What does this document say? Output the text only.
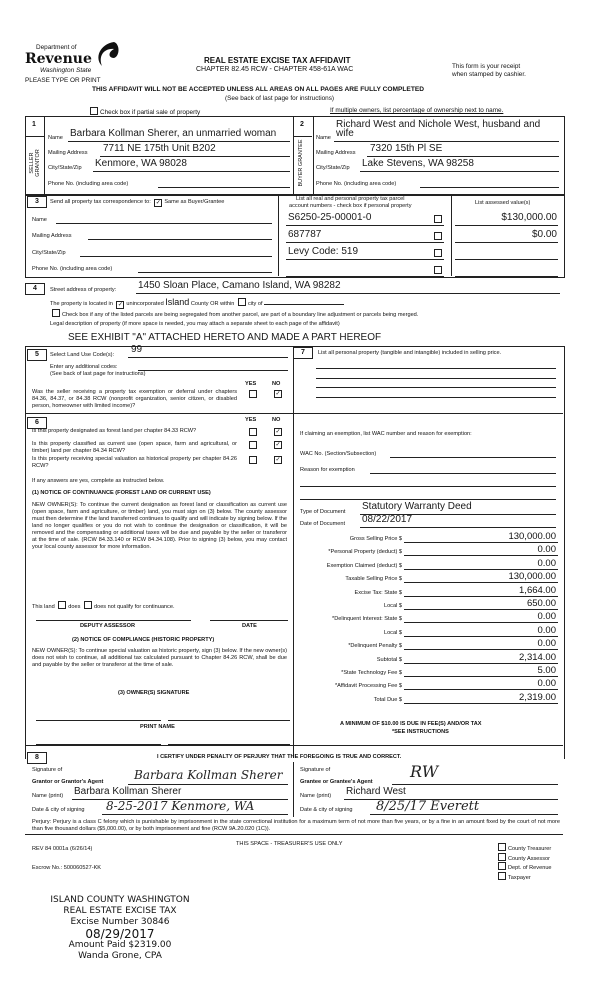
Department of
Revenue
Washington State
PLEASE TYPE OR PRINT
REAL ESTATE EXCISE TAX AFFIDAVIT
CHAPTER 82.45 RCW - CHAPTER 458-61A WAC	This form is your receipt
when stamped by cashier.
THIS AFFIDAVIT WILL NOT BE ACCEPTED UNLESS ALL AREAS ON ALL PAGES ARE FULLY COMPLETED
(See back of last page for instructions)
Check box if partial sale of property	If multiple owners, list percentage of ownership next to name.
1	2
SELLER GRANTOR	BUYER GRANTEE
Name Barbara Kollman Sherer, an unmarried woman
Mailing Address 7711 NE 175th Unit B202
City/State/Zip Kenmore, WA 98028
Phone No. (including area code)
Richard West and Nichole West, husband and
Name wife
Mailing Address 7320 15th Pl SE
City/State/Zip Lake Stevens, WA 98258
Phone No. (including area code)
3	Send all property tax correspondence to: ✓ Same as Buyer/Grantee
Name
Mailing Address
City/State/Zip
Phone No. (including area code)
List all real and personal property tax parcel
account numbers - check box if personal property	List assessed value(s)
S6250-25-00001-0	$130,000.00
687787	$0.00
Levy Code: 519
4	Street address of property: 1450 Sloan Place, Camano Island, WA 98282
The property is located in ✓ unincorporated Island County OR within city of
Check box if any of the listed parcels are being segregated from another parcel, are part of a boundary line adjustment or parcels being merged.
Legal description of property (if more space is needed, you may attach a separate sheet to each page of the affidavit)
SEE EXHIBIT "A" ATTACHED HERETO AND MADE A PART HEREOF
5	Select Land Use Code(s): 99
Enter any additional codes:
(See back of last page for instructions)
YES	NO
Was the seller receiving a property tax exemption or deferral under chapters 84.36, 84.37, or 84.38 RCW (nonprofit organization, senior citizen, or disabled person, homeowner with limited income)?
✓
6	YES	NO
Is this property designated as forest land per chapter 84.33 RCW?	✓
Is this property classified as current use (open space, farm and agricultural, or timber) land per chapter 84.34 RCW?
✓
Is this property receiving special valuation as historical property per chapter 84.26 RCW?
✓
If any answers are yes, complete as instructed below.
(1) NOTICE OF CONTINUANCE (FOREST LAND OR CURRENT USE)
NEW OWNER(S): To continue the current designation as forest land or classification as current use (open space, farm and agriculture, or timber) land, you must sign on (3) below. The county assessor must then determine if the land transferred continues to qualify and will indicate by signing below. If the land no longer qualifies or you do not wish to continue the designation or classification, it will be removed and the compensating or additional taxes will be due and payable by the seller or transferor at the time of sale. (RCW 84.33.140 or RCW 84.34.108). Prior to signing (3) below, you may contact your local county assessor for more information.
This land does does not qualify for continuance.
DEPUTY ASSESSOR	DATE
(2) NOTICE OF COMPLIANCE (HISTORIC PROPERTY)
NEW OWNER(S): To continue special valuation as historic property, sign (3) below. If the new owner(s) does not wish to continue, all additional tax calculated pursuant to Chapter 84.26 RCW, shall be due and payable by the seller or transferor at the time of sale.
(3) OWNER(S) SIGNATURE
PRINT NAME
7	List all personal property (tangible and intangible) included in selling price.
If claiming an exemption, list WAC number and reason for exemption:
WAC No. (Section/Subsection)
Reason for exemption
Type of Document Statutory Warranty Deed
Date of Document 08/22/2017
Gross Selling Price $	130,000.00
*Personal Property (deduct) $	0.00
Exemption Claimed (deduct) $	0.00
Taxable Selling Price $	130,000.00
Excise Tax: State $	1,664.00
Local $	650.00
*Delinquent Interest: State $	0.00
Local $	0.00
*Delinquent Penalty $	0.00
Subtotal $	2,314.00
*State Technology Fee $	5.00
*Affidavit Processing Fee $	0.00
Total Due $	2,319.00
A MINIMUM OF $10.00 IS DUE IN FEE(S) AND/OR TAX
*SEE INSTRUCTIONS
8	I CERTIFY UNDER PENALTY OF PERJURY THAT THE FOREGOING IS TRUE AND CORRECT.
Signature of
Grantor or Grantor's Agent	Barbara Kollman Sherer
Name (print) Barbara Kollman Sherer
Date & city of signing 8-25-2017 Kenmore, WA
Signature of
Grantee or Grantee's Agent
RW
Name (print) Richard West
Date & city of signing 8/25/17 Everett
Perjury: Perjury is a class C felony which is punishable by imprisonment in the state correctional institution for a maximum term of not more than five years, or by a fine in an amount fixed by the court of not more than five thousand dollars ($5,000.00), or by both imprisonment and fine (RCW 9A.20.020 (1C)).
REV 84 0001a (6/26/14)
THIS SPACE - TREASURER'S USE ONLY
Escrow No.: 500060527-KK
County Treasurer
County Assessor
Dept. of Revenue
Taxpayer
ISLAND COUNTY WASHINGTON
REAL ESTATE EXCISE TAX
Excise Number 30846
08/29/2017
Amount Paid $2319.00
Wanda Grone, CPA
